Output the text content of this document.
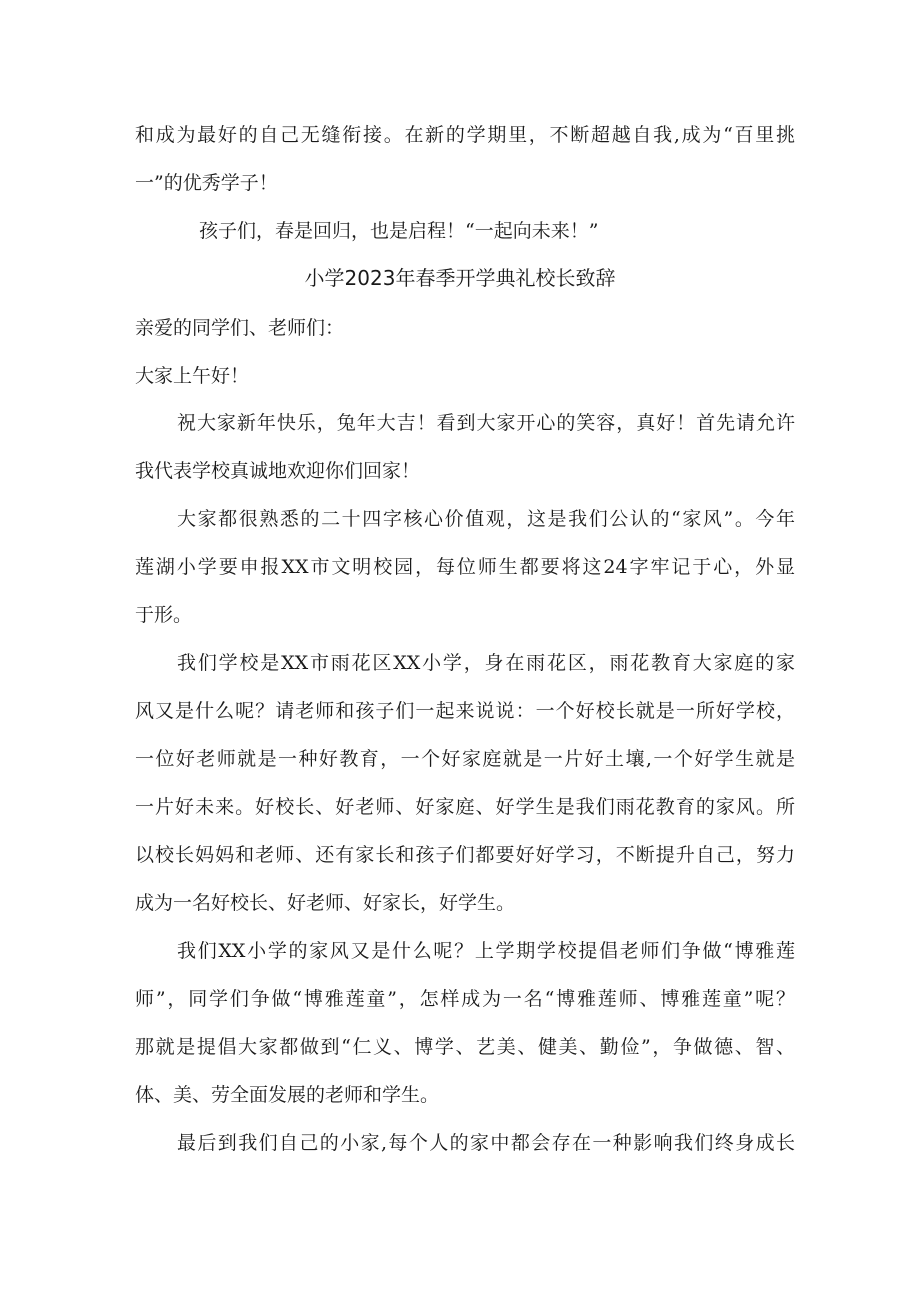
和成为最好的自己无缝衔接。在新的学期里，不断超越自我,成为“百里挑
一”的优秀学子！
孩子们，春是回归，也是启程！“一起向未来！”
小学2023年春季开学典礼校长致辞
亲爱的同学们、老师们：
大家上午好！
祝大家新年快乐，兔年大吉！看到大家开心的笑容，真好！首先请允许
我代表学校真诚地欢迎你们回家！
大家都很熟悉的二十四字核心价值观，这是我们公认的“家风”。今年
莲湖小学要申报XX市文明校园，每位师生都要将这24字牢记于心，外显
于形。
我们学校是XX市雨花区XX小学，身在雨花区，雨花教育大家庭的家
风又是什么呢？请老师和孩子们一起来说说：一个好校长就是一所好学校，
一位好老师就是一种好教育，一个好家庭就是一片好土壤,一个好学生就是
一片好未来。好校长、好老师、好家庭、好学生是我们雨花教育的家风。所
以校长妈妈和老师、还有家长和孩子们都要好好学习，不断提升自己，努力
成为一名好校长、好老师、好家长，好学生。
我们XX小学的家风又是什么呢？上学期学校提倡老师们争做“博雅莲
师”，同学们争做“博雅莲童”，怎样成为一名“博雅莲师、博雅莲童”呢？
那就是提倡大家都做到“仁义、博学、艺美、健美、勤俭”，争做德、智、
体、美、劳全面发展的老师和学生。
最后到我们自己的小家,每个人的家中都会存在一种影响我们终身成长
